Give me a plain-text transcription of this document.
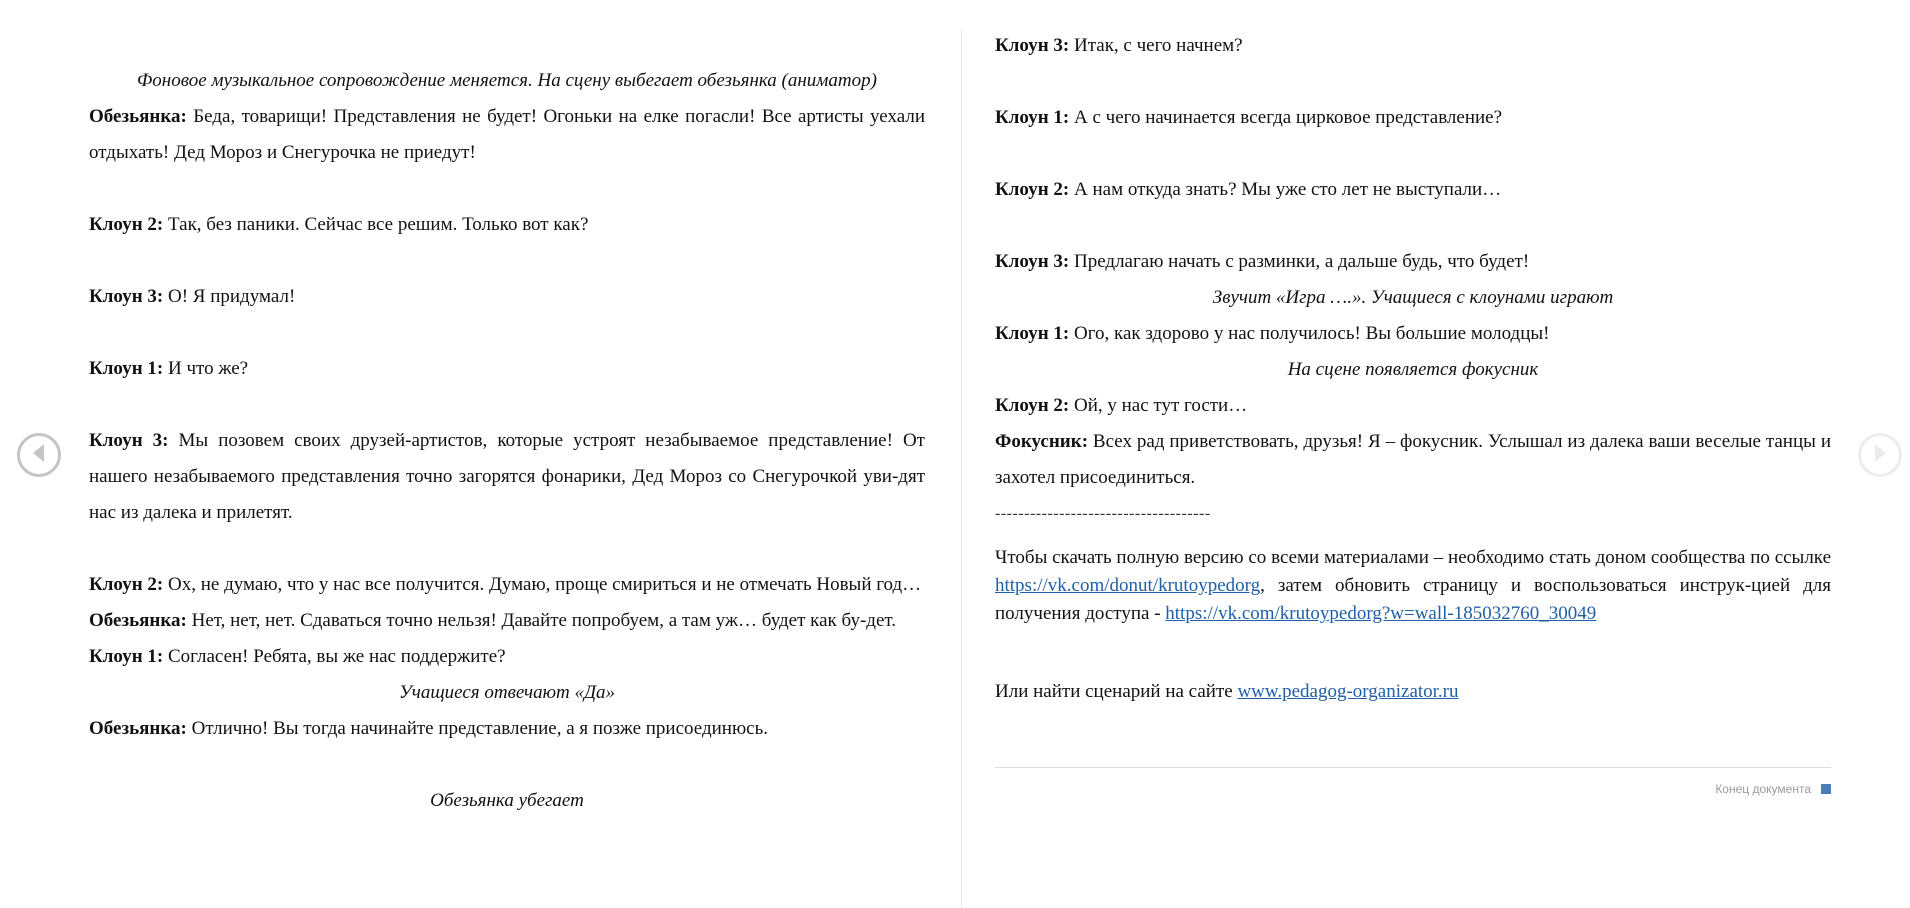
Фоновое музыкальное сопровождение меняется. На сцену выбегает обезьянка (аниматор)

Обезьянка: Беда, товарищи! Представления не будет! Огоньки на елке погасли! Все артисты уехали отдыхать! Дед Мороз и Снегурочка не приедут!

Клоун 2: Так, без паники. Сейчас все решим. Только вот как?

Клоун 3: О! Я придумал!

Клоун 1: И что же?

Клоун 3: Мы позовем своих друзей-артистов, которые устроят незабываемое представление! От нашего незабываемого представления точно загорятся фонарики, Дед Мороз со Снегурочкой уви-дят нас из далека и прилетят.

Клоун 2: Ох, не думаю, что у нас все получится. Думаю, проще смириться и не отмечать Новый год…

Обезьянка: Нет, нет, нет. Сдаваться точно нельзя! Давайте попробуем, а там уж… будет как бу-дет.

Клоун 1: Согласен! Ребята, вы же нас поддержите?

Учащиеся отвечают «Да»

Обезьянка: Отлично! Вы тогда начинайте представление, а я позже присоединюсь.

Обезьянка убегает

Клоун 3: Итак, с чего начнем?

Клоун 1: А с чего начинается всегда цирковое представление?

Клоун 2: А нам откуда знать? Мы уже сто лет не выступали…

Клоун 3: Предлагаю начать с разминки, а дальше будь, что будет!

Звучит «Игра ….». Учащиеся с клоунами играют

Клоун 1: Ого, как здорово у нас получилось! Вы большие молодцы!

На сцене появляется фокусник

Клоун 2: Ой, у нас тут гости…

Фокусник: Всех рад приветствовать, друзья! Я – фокусник. Услышал из далека ваши веселые танцы и захотел присоединиться.

-------------------------------------

Чтобы скачать полную версию со всеми материалами – необходимо стать доном сообщества по ссылке https://vk.com/donut/krutoypedorg, затем обновить страницу и воспользоваться инструк-цией для получения доступа - https://vk.com/krutoypedorg?w=wall-185032760_30049

Или найти сценарий на сайте www.pedagog-organizator.ru

Конец документа
